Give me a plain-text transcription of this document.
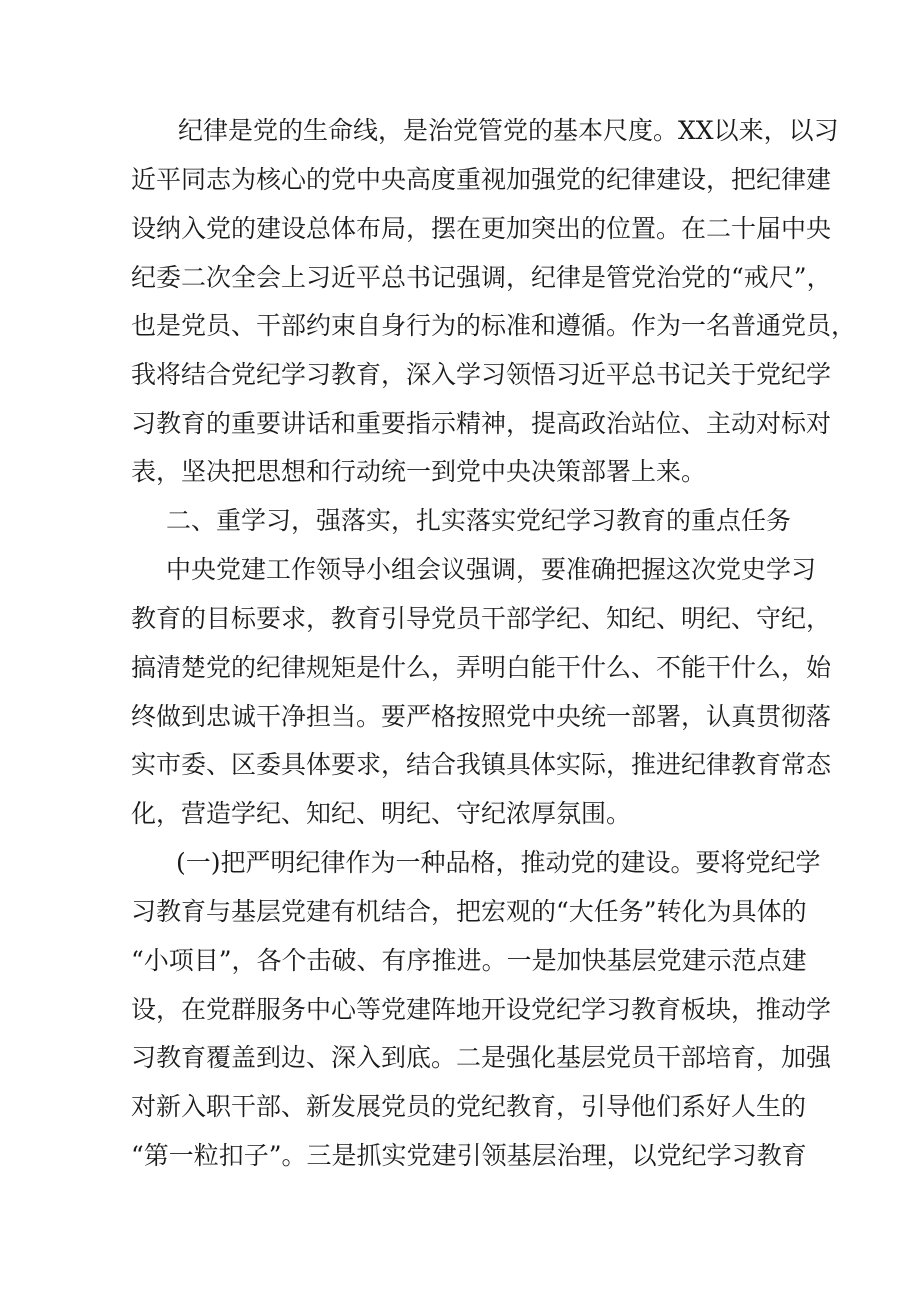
纪律是党的生命线，是治党管党的基本尺度。XX以来，以习
近平同志为核心的党中央高度重视加强党的纪律建设，把纪律建
设纳入党的建设总体布局，摆在更加突出的位置。在二十届中央
纪委二次全会上习近平总书记强调，纪律是管党治党的“戒尺”，
也是党员、干部约束自身行为的标准和遵循。作为一名普通党员，
我将结合党纪学习教育，深入学习领悟习近平总书记关于党纪学
习教育的重要讲话和重要指示精神，提高政治站位、主动对标对
表，坚决把思想和行动统一到党中央决策部署上来。
二、重学习，强落实，扎实落实党纪学习教育的重点任务
中央党建工作领导小组会议强调，要准确把握这次党史学习
教育的目标要求，教育引导党员干部学纪、知纪、明纪、守纪，
搞清楚党的纪律规矩是什么，弄明白能干什么、不能干什么，始
终做到忠诚干净担当。要严格按照党中央统一部署，认真贯彻落
实市委、区委具体要求，结合我镇具体实际，推进纪律教育常态
化，营造学纪、知纪、明纪、守纪浓厚氛围。
(一)把严明纪律作为一种品格，推动党的建设。要将党纪学
习教育与基层党建有机结合，把宏观的“大任务”转化为具体的
“小项目”，各个击破、有序推进。一是加快基层党建示范点建
设，在党群服务中心等党建阵地开设党纪学习教育板块，推动学
习教育覆盖到边、深入到底。二是强化基层党员干部培育，加强
对新入职干部、新发展党员的党纪教育，引导他们系好人生的
“第一粒扣子”。三是抓实党建引领基层治理，以党纪学习教育
